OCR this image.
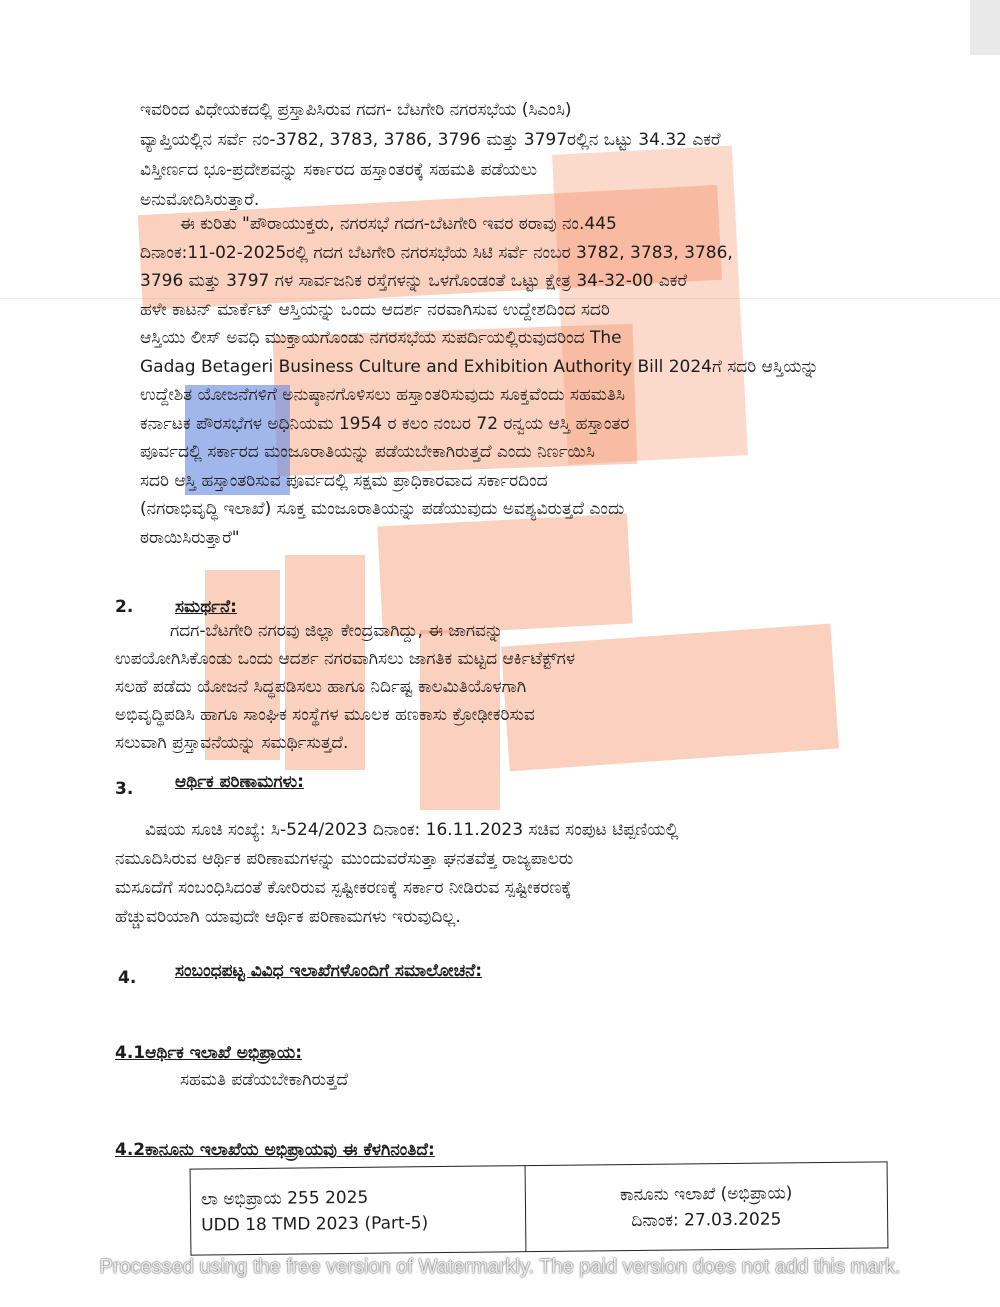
ಇವರಿಂದ ವಿಧೇಯಕದಲ್ಲಿ ಪ್ರಸ್ತಾಪಿಸಿರುವ ಗದಗ- ಬೆಟಗೇರಿ ನಗರಸಭೆಯ (ಸಿಎಂಸಿ)
ವ್ಯಾಪ್ತಿಯಲ್ಲಿನ ಸರ್ವೆ ನಂ-3782, 3783, 3786, 3796 ಮತ್ತು 3797ರಲ್ಲಿನ ಒಟ್ಟು 34.32 ಎಕರೆ
ವಿಸ್ತೀರ್ಣದ ಭೂ-ಪ್ರದೇಶವನ್ನು ಸರ್ಕಾರದ ಹಸ್ತಾಂತರಕ್ಕೆ ಸಹಮತಿ ಪಡೆಯಲು
ಅನುಮೋದಿಸಿರುತ್ತಾರೆ.
ಈ ಕುರಿತು "ಪೌರಾಯುಕ್ತರು, ನಗರಸಭೆ ಗದಗ-ಬೆಟಗೇರಿ ಇವರ ಠರಾವು ನಂ.445
ದಿನಾಂಕ:11-02-2025ರಲ್ಲಿ ಗದಗ ಬೆಟಗೇರಿ ನಗರಸಭೆಯ ಸಿಟಿ ಸರ್ವೆ ನಂಬರ 3782, 3783, 3786,
3796 ಮತ್ತು 3797 ಗಳ ಸಾರ್ವಜನಿಕ ರಸ್ತೆಗಳನ್ನು ಒಳಗೊಂಡಂತೆ ಒಟ್ಟು ಕ್ಷೇತ್ರ 34-32-00 ಎಕರೆ
ಹಳೇ ಕಾಟನ್ ಮಾರ್ಕೆಟ್ ಆಸ್ತಿಯನ್ನು ಒಂದು ಆದರ್ಶ ನರವಾಗಿಸುವ ಉದ್ದೇಶದಿಂದ ಸದರಿ
ಆಸ್ತಿಯು ಲೀಸ್ ಅವಧಿ ಮುಕ್ತಾಯಗೊಂಡು ನಗರಸಭೆಯ ಸುಪರ್ದಿಯಲ್ಲಿರುವುದರಿಂದ The
Gadag Betageri Business Culture and Exhibition Authority Bill 2024ಗೆ ಸದರಿ ಆಸ್ತಿಯನ್ನು
ಉದ್ದೇಶಿತ ಯೋಜನೆಗಳಿಗೆ ಅನುಷ್ಠಾನಗೊಳಿಸಲು ಹಸ್ತಾಂತರಿಸುವುದು ಸೂಕ್ತವೆಂದು ಸಹಮತಿಸಿ
ಕರ್ನಾಟಕ ಪೌರಸಭೆಗಳ ಅಧಿನಿಯಮ 1954 ರ ಕಲಂ ನಂಬರ 72 ರನ್ವಯ ಆಸ್ತಿ ಹಸ್ತಾಂತರ
ಪೂರ್ವದಲ್ಲಿ ಸರ್ಕಾರದ ಮಂಜೂರಾತಿಯನ್ನು ಪಡೆಯಬೇಕಾಗಿರುತ್ತದೆ ಎಂದು ನಿರ್ಣಯಿಸಿ
ಸದರಿ ಆಸ್ತಿ ಹಸ್ತಾಂತರಿಸುವ ಪೂರ್ವದಲ್ಲಿ ಸಕ್ಷಮ ಪ್ರಾಧಿಕಾರವಾದ ಸರ್ಕಾರದಿಂದ
(ನಗರಾಭಿವೃದ್ಧಿ ಇಲಾಖೆ) ಸೂಕ್ತ ಮಂಜೂರಾತಿಯನ್ನು ಪಡೆಯುವುದು ಅವಶ್ಯವಿರುತ್ತದೆ ಎಂದು
ಠರಾಯಿಸಿರುತ್ತಾರೆ"
2. ಸಮರ್ಥನೆ:
ಗದಗ-ಬೆಟಗೇರಿ ನಗರವು ಜಿಲ್ಲಾ ಕೇಂದ್ರವಾಗಿದ್ದು, ಈ ಜಾಗವನ್ನು
ಉಪಯೋಗಿಸಿಕೊಂಡು ಒಂದು ಆದರ್ಶ ನಗರವಾಗಿಸಲು ಜಾಗತಿಕ ಮಟ್ಟದ ಆರ್ಕಿಟೆಕ್ಟ್‌ಗಳ
ಸಲಹೆ ಪಡೆದು ಯೋಜನೆ ಸಿದ್ಧಪಡಿಸಲು ಹಾಗೂ ನಿರ್ದಿಷ್ಟ ಕಾಲಮಿತಿಯೊಳಗಾಗಿ
ಅಭಿವೃದ್ಧಿಪಡಿಸಿ ಹಾಗೂ ಸಾಂಘಿಕ ಸಂಸ್ಥೆಗಳ ಮೂಲಕ ಹಣಕಾಸು ಕ್ರೋಢೀಕರಿಸುವ
ಸಲುವಾಗಿ ಪ್ರಸ್ತಾವನೆಯನ್ನು ಸಮರ್ಥಿಸುತ್ತದೆ.
3. ಆರ್ಥಿಕ ಪರಿಣಾಮಗಳು:
ವಿಷಯ ಸೂಚಿ ಸಂಖ್ಯೆ: ಸಿ-524/2023 ದಿನಾಂಕ: 16.11.2023 ಸಚಿವ ಸಂಪುಟ ಟಿಪ್ಪಣಿಯಲ್ಲಿ
ನಮೂದಿಸಿರುವ ಆರ್ಥಿಕ ಪರಿಣಾಮಗಳನ್ನು ಮುಂದುವರೆಸುತ್ತಾ ಘನತವೆತ್ತ ರಾಜ್ಯಪಾಲರು
ಮಸೂದೆಗೆ ಸಂಬಂಧಿಸಿದಂತೆ ಕೋರಿರುವ ಸ್ಪಷ್ಟೀಕರಣಕ್ಕೆ ಸರ್ಕಾರ ನೀಡಿರುವ ಸ್ಪಷ್ಟೀಕರಣಕ್ಕೆ
ಹೆಚ್ಚುವರಿಯಾಗಿ ಯಾವುದೇ ಆರ್ಥಿಕ ಪರಿಣಾಮಗಳು ಇರುವುದಿಲ್ಲ.
4. ಸಂಬಂಧಪಟ್ಟ ವಿವಿಧ ಇಲಾಖೆಗಳೊಂದಿಗೆ ಸಮಾಲೋಚನೆ:
4.1ಆರ್ಥಿಕ ಇಲಾಖೆ ಅಭಿಪ್ರಾಯ:
ಸಹಮತಿ ಪಡೆಯಬೇಕಾಗಿರುತ್ತದೆ
4.2ಕಾನೂನು ಇಲಾಖೆಯ ಅಭಿಪ್ರಾಯವು ಈ ಕೆಳಗಿನಂತಿದೆ:
ಲಾ ಅಭಿಪ್ರಾಯ 255 2025
UDD 18 TMD 2023 (Part-5)

ಕಾನೂನು ಇಲಾಖೆ (ಅಭಿಪ್ರಾಯ)
ದಿನಾಂಕ: 27.03.2025
Processed using the free version of Watermarkly. The paid version does not add this mark.
